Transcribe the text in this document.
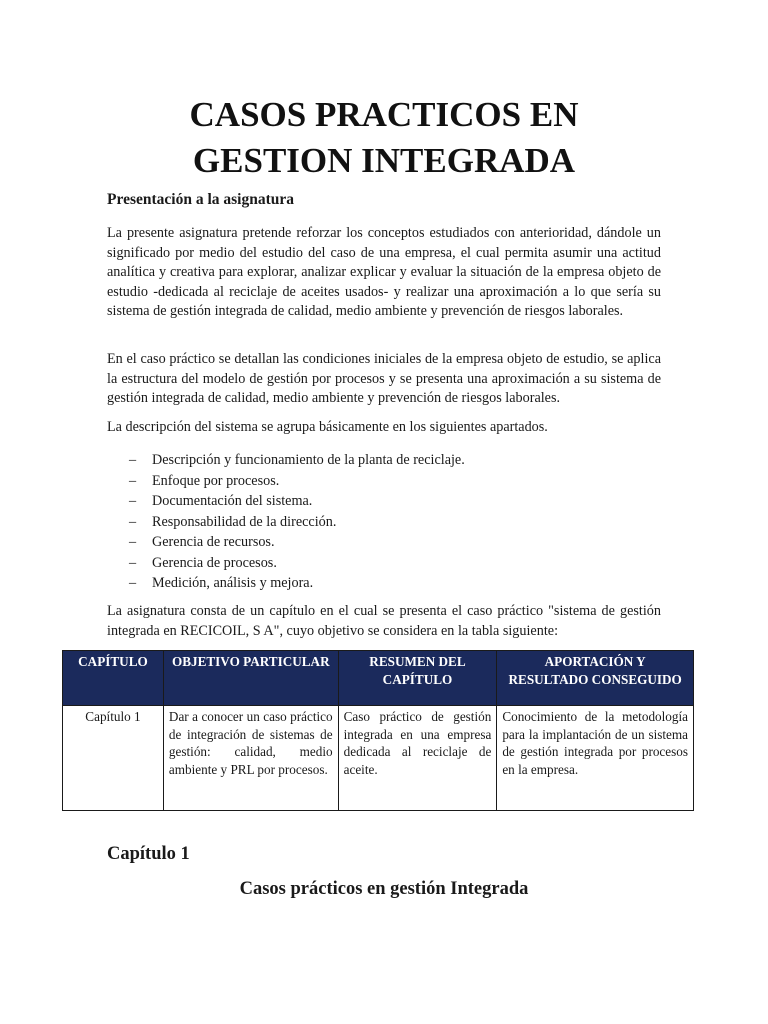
CASOS PRACTICOS EN
GESTION INTEGRADA
Presentación a la asignatura

La presente asignatura pretende reforzar los conceptos estudiados con anterioridad, dándole un significado por medio del estudio del caso de una empresa, el cual permita asumir una actitud analítica y creativa para explorar, analizar explicar y evaluar la situación de la empresa objeto de estudio -dedicada al reciclaje de aceites usados- y realizar una aproximación a lo que sería su sistema de gestión integrada de calidad, medio ambiente y prevención de riesgos laborales.

En el caso práctico se detallan las condiciones iniciales de la empresa objeto de estudio, se aplica la estructura del modelo de gestión por procesos y se presenta una aproximación a su sistema de gestión integrada de calidad, medio ambiente y prevención de riesgos laborales.

La descripción del sistema se agrupa básicamente en los siguientes apartados.

– Descripción y funcionamiento de la planta de reciclaje.
– Enfoque por procesos.
– Documentación del sistema.
– Responsabilidad de la dirección.
– Gerencia de recursos.
– Gerencia de procesos.
– Medición, análisis y mejora.

La asignatura consta de un capítulo en el cual se presenta el caso práctico "sistema de gestión integrada en RECICOIL, S A", cuyo objetivo se considera en la tabla siguiente:

Capítulo 1
Casos prácticos en gestión Integrada
CAPÍTULO	OBJETIVO PARTICULAR	RESUMEN DEL CAPÍTULO	APORTACIÓN Y RESULTADO CONSEGUIDO
Capítulo 1	Dar a conocer un caso práctico de integración de sistemas de gestión: calidad, medio ambiente y PRL por procesos.	Caso práctico de gestión integrada en una empresa dedicada al reciclaje de aceite.	Conocimiento de la metodología para la implantación de un sistema de gestión integrada por procesos en la empresa.
